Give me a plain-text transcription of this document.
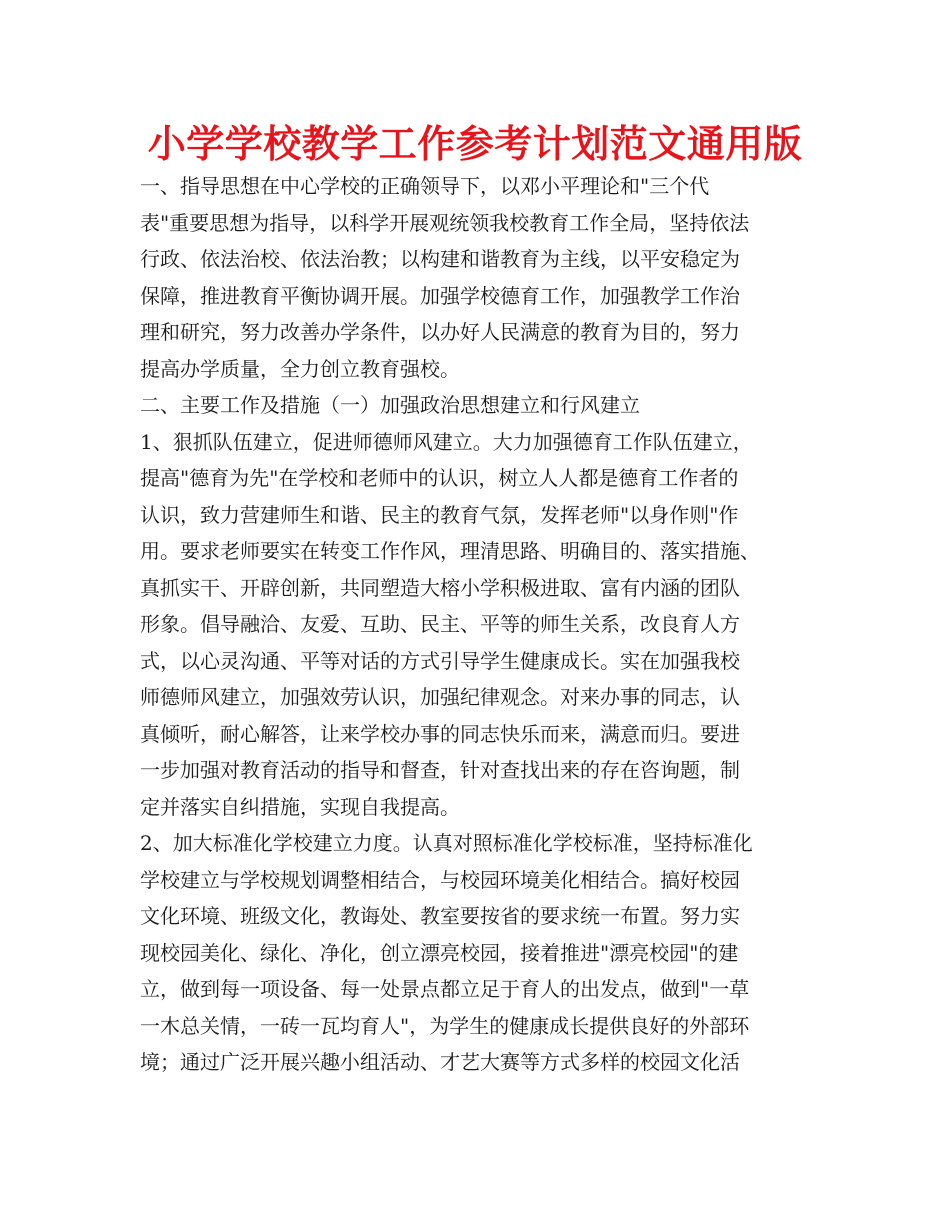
小学学校教学工作参考计划范文通用版
一、指导思想在中心学校的正确领导下，以邓小平理论和"三个代
表"重要思想为指导，以科学开展观统领我校教育工作全局，坚持依法
行政、依法治校、依法治教；以构建和谐教育为主线，以平安稳定为
保障，推进教育平衡协调开展。加强学校德育工作，加强教学工作治
理和研究，努力改善办学条件，以办好人民满意的教育为目的，努力
提高办学质量，全力创立教育强校。
二、主要工作及措施（一）加强政治思想建立和行风建立
1、狠抓队伍建立，促进师德师风建立。大力加强德育工作队伍建立，
提高"德育为先"在学校和老师中的认识，树立人人都是德育工作者的
认识，致力营建师生和谐、民主的教育气氛，发挥老师"以身作则"作
用。要求老师要实在转变工作作风，理清思路、明确目的、落实措施、
真抓实干、开辟创新，共同塑造大榕小学积极进取、富有内涵的团队
形象。倡导融洽、友爱、互助、民主、平等的师生关系，改良育人方
式，以心灵沟通、平等对话的方式引导学生健康成长。实在加强我校
师德师风建立，加强效劳认识，加强纪律观念。对来办事的同志，认
真倾听，耐心解答，让来学校办事的同志快乐而来，满意而归。要进
一步加强对教育活动的指导和督查，针对查找出来的存在咨询题，制
定并落实自纠措施，实现自我提高。
2、加大标准化学校建立力度。认真对照标准化学校标准，坚持标准化
学校建立与学校规划调整相结合，与校园环境美化相结合。搞好校园
文化环境、班级文化，教诲处、教室要按省的要求统一布置。努力实
现校园美化、绿化、净化，创立漂亮校园，接着推进"漂亮校园"的建
立，做到每一项设备、每一处景点都立足于育人的出发点，做到"一草
一木总关情，一砖一瓦均育人"，为学生的健康成长提供良好的外部环
境；通过广泛开展兴趣小组活动、才艺大赛等方式多样的校园文化活
